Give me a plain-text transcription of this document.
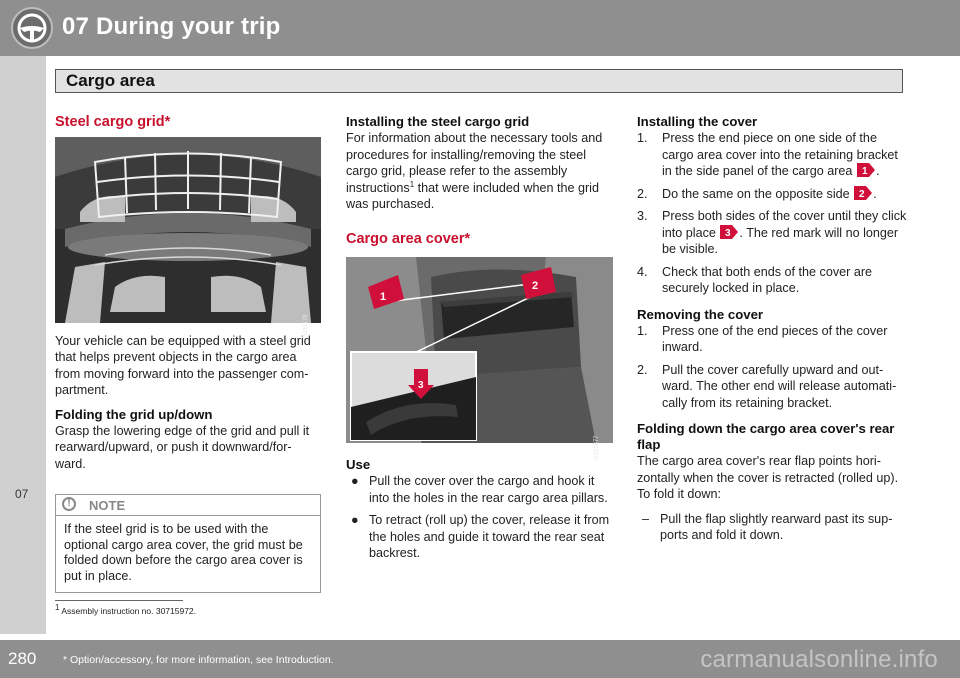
07 During your trip
07
Cargo area
Steel cargo grid*
G031178

Your vehicle can be equipped with a steel grid that helps prevent objects in the cargo area from moving forward into the passenger com-partment.

Folding the grid up/down

Grasp the lowering edge of the grid and pull it rearward/upward, or push it downward/for-ward.

!	NOTE
If the steel grid is to be used with the optional cargo area cover, the grid must be folded down before the cargo area cover is put in place.
Installing the steel cargo grid

For information about the necessary tools and procedures for installing/removing the steel cargo grid, please refer to the assembly instructions$^1$ that were included when the grid was purchased.

Cargo area cover*
1
2
3
G031877
Use
● Pull the cover over the cargo and hook it into the holes in the rear cargo area pillars.
● To retract (roll up) the cover, release it from the holes and guide it toward the rear seat backrest.
Installing the cover
1. Press the end piece on one side of the cargo area cover into the retaining bracket in the side panel of the cargo area 1 .
2. Do the same on the opposite side 2 .
3. Press both sides of the cover until they click into place 3 . The red mark will no longer be visible.
4. Check that both ends of the cover are securely locked in place.
Removing the cover
1. Press one of the end pieces of the cover inward.
2. Pull the cover carefully upward and out-ward. The other end will release automati-cally from its retaining bracket.
Folding down the cargo area cover's rear flap

The cargo area cover's rear flap points hori-zontally when the cover is retracted (rolled up). To fold it down:

– Pull the flap slightly rearward past its sup-ports and fold it down.
$^1$ Assembly instruction no. 30715972.
280	* Option/accessory, for more information, see Introduction.	carmanualsonline.info
